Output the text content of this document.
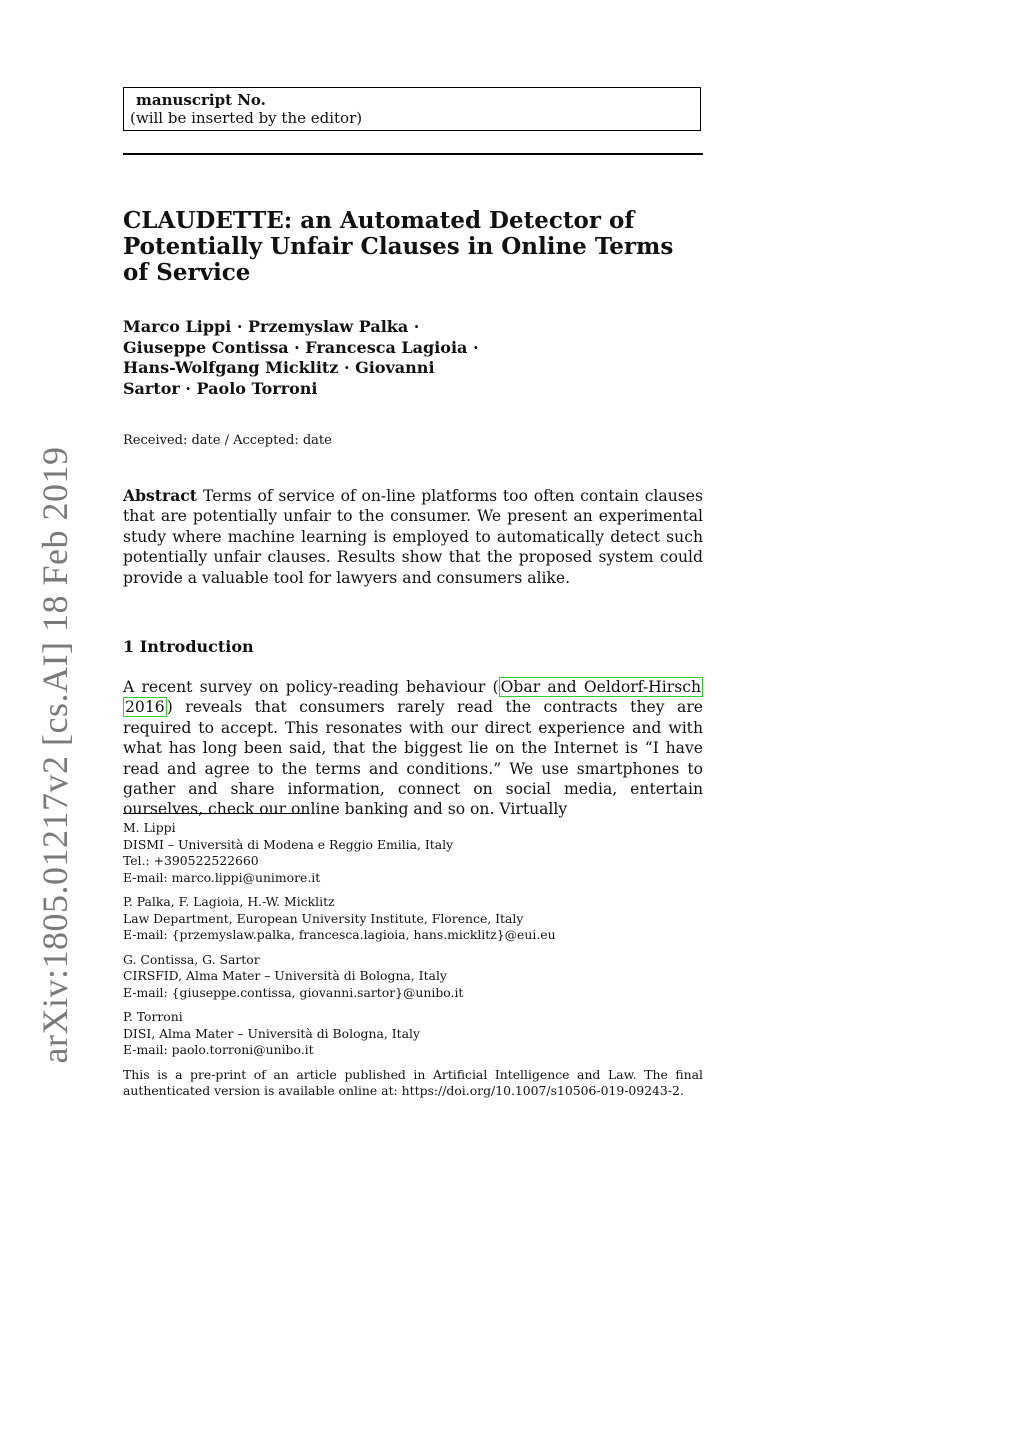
arXiv:1805.01217v2 [cs.AI] 18 Feb 2019
manuscript No.
(will be inserted by the editor)
CLAUDETTE: an Automated Detector of Potentially Unfair Clauses in Online Terms of Service
Marco Lippi · Przemyslaw Palka ·
Giuseppe Contissa · Francesca Lagioia ·
Hans-Wolfgang Micklitz · Giovanni
Sartor · Paolo Torroni
Received: date / Accepted: date
Abstract Terms of service of on-line platforms too often contain clauses that are potentially unfair to the consumer. We present an experimental study where machine learning is employed to automatically detect such potentially unfair clauses. Results show that the proposed system could provide a valuable tool for lawyers and consumers alike.
1 Introduction
A recent survey on policy-reading behaviour ( Obar and Oeldorf-Hirsch 2016 ) reveals that consumers rarely read the contracts they are required to accept. This resonates with our direct experience and with what has long been said, that the biggest lie on the Internet is “I have read and agree to the terms and conditions.” We use smartphones to gather and share information, connect on social media, entertain ourselves, check our online banking and so on. Virtually
M. Lippi
DISMI – Università di Modena e Reggio Emilia, Italy
Tel.: +390522522660
E-mail: marco.lippi@unimore.it
P. Palka, F. Lagioia, H.-W. Micklitz
Law Department, European University Institute, Florence, Italy
E-mail: {przemyslaw.palka, francesca.lagioia, hans.micklitz}@eui.eu
G. Contissa, G. Sartor
CIRSFID, Alma Mater – Università di Bologna, Italy
E-mail: {giuseppe.contissa, giovanni.sartor}@unibo.it
P. Torroni
DISI, Alma Mater – Università di Bologna, Italy
E-mail: paolo.torroni@unibo.it
This is a pre-print of an article published in Artificial Intelligence and Law. The final authenticated version is available online at: https://doi.org/10.1007/s10506-019-09243-2.
